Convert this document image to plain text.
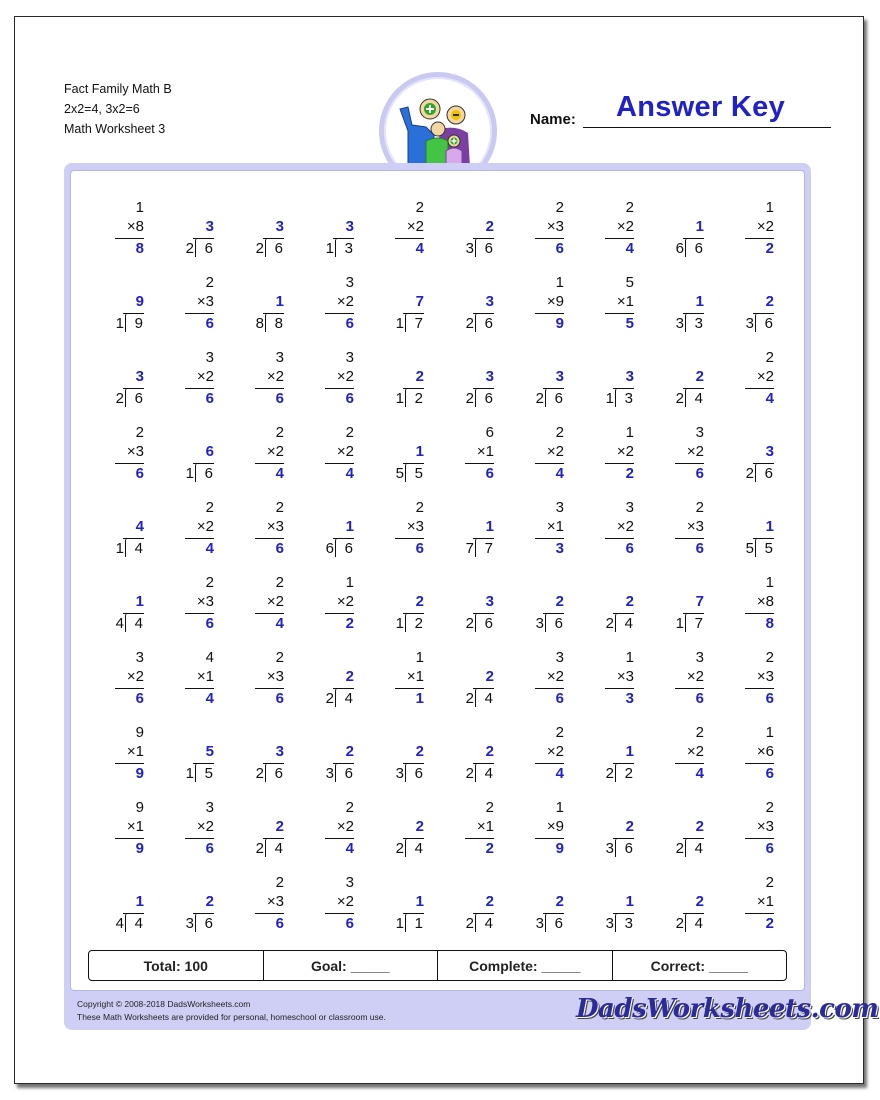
Fact Family Math B
2x2=4, 3x2=6
Math Worksheet 3
Name: Answer Key
1
×8
8
3
6
2
3
6
2
3
3
1
2
×2
4
2
6
3
2
×3
6
2
×2
4
1
6
6
1
×2
2
9
9
1
2
×3
6
1
8
8
3
×2
6
7
7
1
3
6
2
1
×9
9
5
×1
5
1
3
3
2
6
3
3
6
2
3
×2
6
3
×2
6
3
×2
6
2
2
1
3
6
2
3
6
2
3
3
1
2
4
2
2
×2
4
2
×3
6
6
6
1
2
×2
4
2
×2
4
1
5
5
6
×1
6
2
×2
4
1
×2
2
3
×2
6
3
6
2
4
4
1
2
×2
4
2
×3
6
1
6
6
2
×3
6
1
7
7
3
×1
3
3
×2
6
2
×3
6
1
5
5
1
4
4
2
×3
6
2
×2
4
1
×2
2
2
2
1
3
6
2
2
6
3
2
4
2
7
7
1
1
×8
8
3
×2
6
4
×1
4
2
×3
6
2
4
2
1
×1
1
2
4
2
3
×2
6
1
×3
3
3
×2
6
2
×3
6
9
×1
9
5
5
1
3
6
2
2
6
3
2
6
3
2
4
2
2
×2
4
1
2
2
2
×2
4
1
×6
6
9
×1
9
3
×2
6
2
4
2
2
×2
4
2
4
2
2
×1
2
1
×9
9
2
6
3
2
4
2
2
×3
6
1
4
4
2
6
3
2
×3
6
3
×2
6
1
1
1
2
4
2
2
6
3
1
3
3
2
4
2
2
×1
2
Total: 100	Goal: _____	Complete: _____	Correct: _____
Copyright © 2008-2018 DadsWorksheets.com
These Math Worksheets are provided for personal, homeschool or classroom use.	DadsWorksheets.com
